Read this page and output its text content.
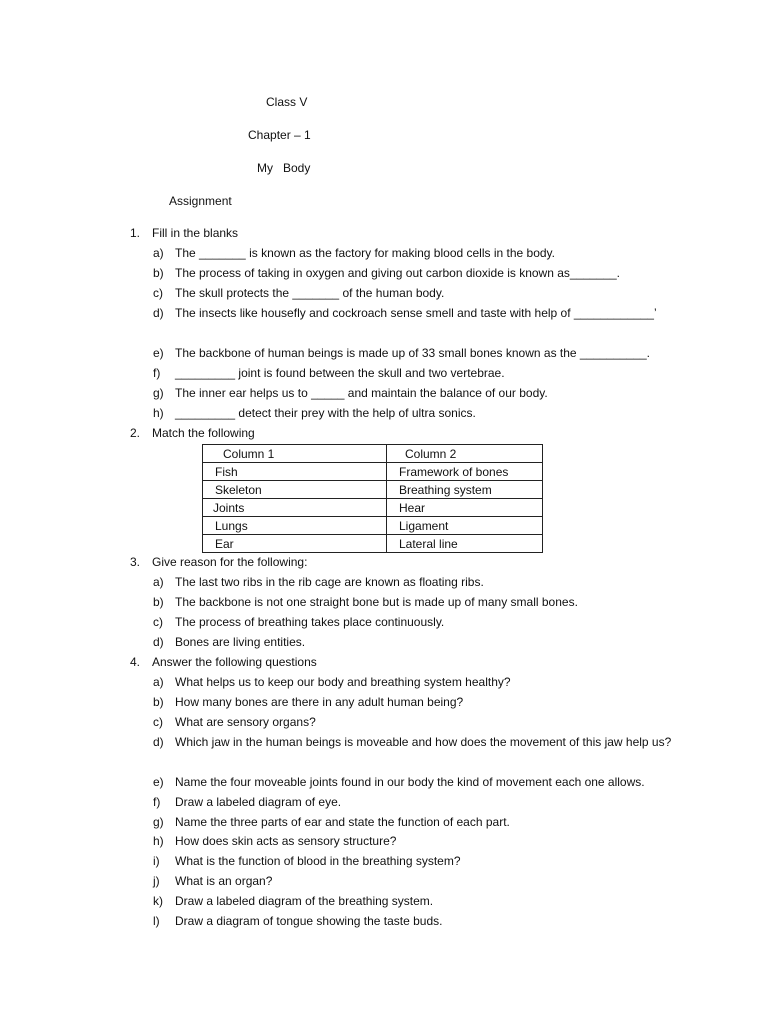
Class V
Chapter – 1
My   Body
Assignment
1. Fill in the blanks
a) The _______ is known as the factory for making blood cells in the body.
b) The process of taking in oxygen and giving out carbon dioxide is known as_______.
c) The skull protects the _______ of the human body.
d) The insects like housefly and cockroach sense smell and taste with help of ____________’
e) The backbone of human beings is made up of 33 small bones known as the __________.
f) _________ joint is found between the skull and two vertebrae.
g) The inner ear helps us to _____ and maintain the balance of our body.
h) _________ detect their prey with the help of ultra sonics.
2. Match the following
Column 1	Column 2
Fish	Framework of bones
Skeleton	Breathing system
Joints	Hear
Lungs	Ligament
Ear	Lateral line
3. Give reason for the following:
a) The last two ribs in the rib cage are known as floating ribs.
b) The backbone is not one straight bone but is made up of many small bones.
c) The process of breathing takes place continuously.
d) Bones are living entities.
4. Answer the following questions
a) What helps us to keep our body and breathing system healthy?
b) How many bones are there in any adult human being?
c) What are sensory organs?
d) Which jaw in the human beings is moveable and how does the movement of this jaw help us?
e) Name the four moveable joints found in our body the kind of movement each one allows.
f) Draw a labeled diagram of eye.
g) Name the three parts of ear and state the function of each part.
h) How does skin acts as sensory structure?
i) What is the function of blood in the breathing system?
j) What is an organ?
k) Draw a labeled diagram of the breathing system.
l) Draw a diagram of tongue showing the taste buds.
